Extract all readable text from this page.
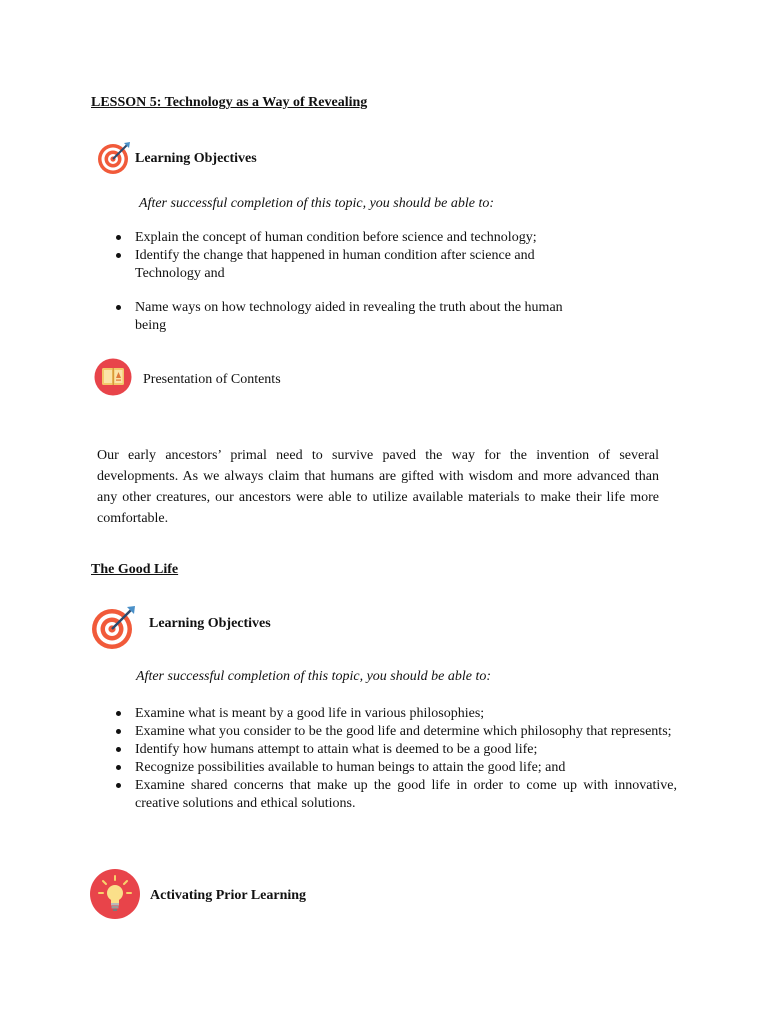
LESSON 5: Technology as a Way of Revealing
Learning Objectives
After successful completion of this topic, you should be able to:
Explain the concept of human condition before science and technology;
Identify the change that happened in human condition after science and Technology and
Name ways on how technology aided in revealing the truth about the human being
Presentation of Contents
Our early ancestors’ primal need to survive paved the way for the invention of several developments. As we always claim that humans are gifted with wisdom and more advanced than any other creatures, our ancestors were able to utilize available materials to make their life more comfortable.
The Good Life
Learning Objectives
After successful completion of this topic, you should be able to:
Examine what is meant by a good life in various philosophies;
Examine what you consider to be the good life and determine which philosophy that represents;
Identify how humans attempt to attain what is deemed to be a good life;
Recognize possibilities available to human beings to attain the good life; and
Examine shared concerns that make up the good life in order to come up with innovative, creative solutions and ethical solutions.
Activating Prior Learning
